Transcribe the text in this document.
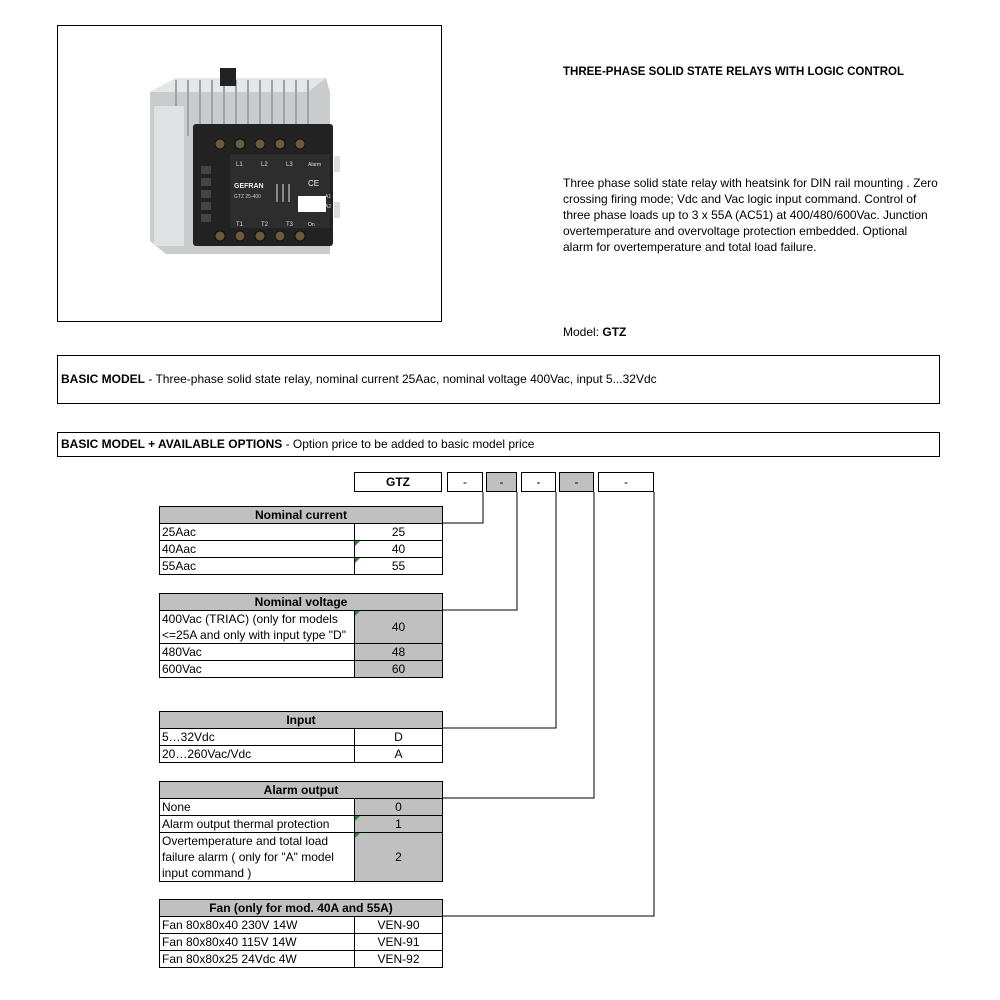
L1	L2	L3	Alarm
T1	T2	T3	On
A1
A2
GEFRAN
GTZ 25-400
CE
THREE-PHASE SOLID STATE RELAYS WITH LOGIC CONTROL
Three phase solid state relay with heatsink for DIN rail mounting . Zero crossing firing mode; Vdc and Vac logic input command. Control of three phase loads up to 3 x 55A (AC51) at 400/480/600Vac. Junction overtemperature and overvoltage protection embedded. Optional alarm for overtemperature and total load failure.
Model: GTZ
BASIC MODEL - Three-phase solid state relay, nominal current 25Aac, nominal voltage 400Vac, input 5...32Vdc
BASIC MODEL + AVAILABLE OPTIONS - Option price to be added to basic model price
GTZ	-	-	-	-	-
Nominal current	
25Aac	25
40Aac	40
55Aac	55
Nominal voltage	
400Vac (TRIAC) (only for models <=25A and only with input type "D"	40
480Vac	48
600Vac	60
Input	
5…32Vdc	D
20…260Vac/Vdc	A
Alarm output	
None	0
Alarm output thermal protection	1
Overtemperature and total load failure alarm ( only for "A" model input command )	2
Fan (only for mod. 40A and 55A)	
Fan 80x80x40 230V 14W	VEN-90
Fan 80x80x40 115V 14W	VEN-91
Fan 80x80x25 24Vdc 4W	VEN-92
